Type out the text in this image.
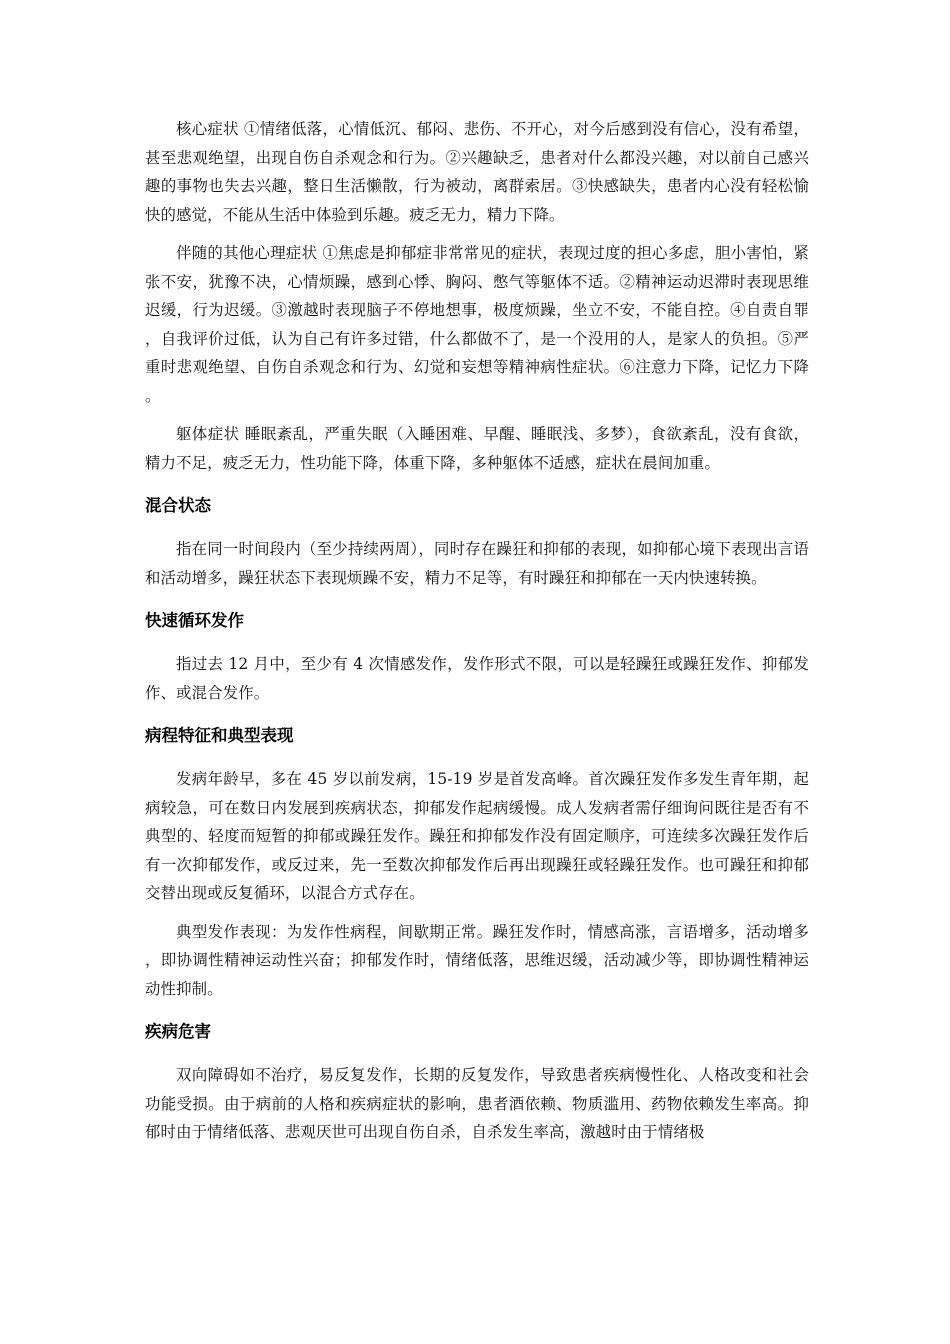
核心症状 ①情绪低落，心情低沉、郁闷、悲伤、不开心，对今后感到没有信心，没有希望，甚至悲观绝望，出现自伤自杀观念和行为。②兴趣缺乏，患者对什么都没兴趣，对以前自己感兴趣的事物也失去兴趣，整日生活懒散，行为被动，离群索居。③快感缺失，患者内心没有轻松愉快的感觉，不能从生活中体验到乐趣。疲乏无力，精力下降。

伴随的其他心理症状 ①焦虑是抑郁症非常常见的症状，表现过度的担心多虑，胆小害怕，紧张不安，犹豫不决，心情烦躁，感到心悸、胸闷、憋气等躯体不适。②精神运动迟滞时表现思维迟缓，行为迟缓。③激越时表现脑子不停地想事，极度烦躁，坐立不安，不能自控。④自责自罪，自我评价过低，认为自己有许多过错，什么都做不了，是一个没用的人，是家人的负担。⑤严重时悲观绝望、自伤自杀观念和行为、幻觉和妄想等精神病性症状。⑥注意力下降，记忆力下降。

躯体症状 睡眠紊乱，严重失眠（入睡困难、早醒、睡眠浅、多梦），食欲紊乱，没有食欲，精力不足，疲乏无力，性功能下降，体重下降，多种躯体不适感，症状在晨间加重。

混合状态

指在同一时间段内（至少持续两周），同时存在躁狂和抑郁的表现，如抑郁心境下表现出言语和活动增多，躁狂状态下表现烦躁不安，精力不足等，有时躁狂和抑郁在一天内快速转换。

快速循环发作

指过去 12 月中，至少有 4 次情感发作，发作形式不限，可以是轻躁狂或躁狂发作、抑郁发作、或混合发作。

病程特征和典型表现

发病年龄早，多在 45 岁以前发病，15-19 岁是首发高峰。首次躁狂发作多发生青年期，起病较急，可在数日内发展到疾病状态，抑郁发作起病缓慢。成人发病者需仔细询问既往是否有不典型的、轻度而短暂的抑郁或躁狂发作。躁狂和抑郁发作没有固定顺序，可连续多次躁狂发作后有一次抑郁发作，或反过来，先一至数次抑郁发作后再出现躁狂或轻躁狂发作。也可躁狂和抑郁交替出现或反复循环，以混合方式存在。

典型发作表现：为发作性病程，间歇期正常。躁狂发作时，情感高涨，言语增多，活动增多，即协调性精神运动性兴奋；抑郁发作时，情绪低落，思维迟缓，活动减少等，即协调性精神运动性抑制。

疾病危害

双向障碍如不治疗，易反复发作，长期的反复发作，导致患者疾病慢性化、人格改变和社会功能受损。由于病前的人格和疾病症状的影响，患者酒依赖、物质滥用、药物依赖发生率高。抑郁时由于情绪低落、悲观厌世可出现自伤自杀，自杀发生率高，激越时由于情绪极
